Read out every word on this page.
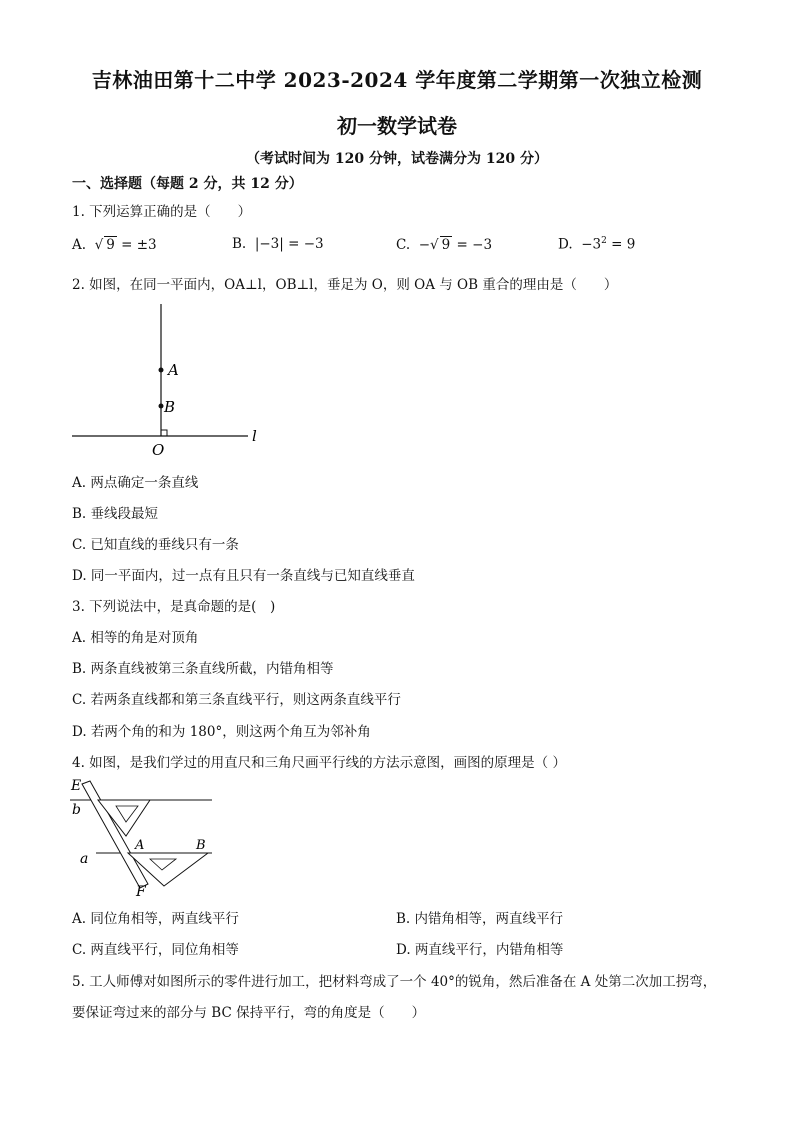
吉林油田第十二中学 2023-2024 学年度第二学期第一次独立检测
初一数学试卷
（考试时间为 120 分钟，试卷满分为 120 分）
一、选择题（每题 2 分，共 12 分）
1. 下列运算正确的是（　　）
A.  √ 9 = ±3	B. |−3| = −3	C. −√ 9 = −3	D. $-3^2 = 9$
2. 如图，在同一平面内，OA⊥l，OB⊥l，垂足为 O，则 OA 与 OB 重合的理由是（　　）
A
B
O
l
A. 两点确定一条直线
B. 垂线段最短
C. 已知直线的垂线只有一条
D. 同一平面内，过一点有且只有一条直线与已知直线垂直
3. 下列说法中，是真命题的是(　)
A. 相等的角是对顶角
B. 两条直线被第三条直线所截，内错角相等
C. 若两条直线都和第三条直线平行，则这两条直线平行
D. 若两个角的和为 180°，则这两个角互为邻补角
4. 如图，是我们学过的用直尺和三角尺画平行线的方法示意图，画图的原理是（ ）
E
b
a
A	B
F
A. 同位角相等，两直线平行	B. 内错角相等，两直线平行
C. 两直线平行，同位角相等	D. 两直线平行，内错角相等
5. 工人师傅对如图所示的零件进行加工，把材料弯成了一个 40°的锐角，然后准备在 A 处第二次加工拐弯，
要保证弯过来的部分与 BC 保持平行，弯的角度是（　　）
